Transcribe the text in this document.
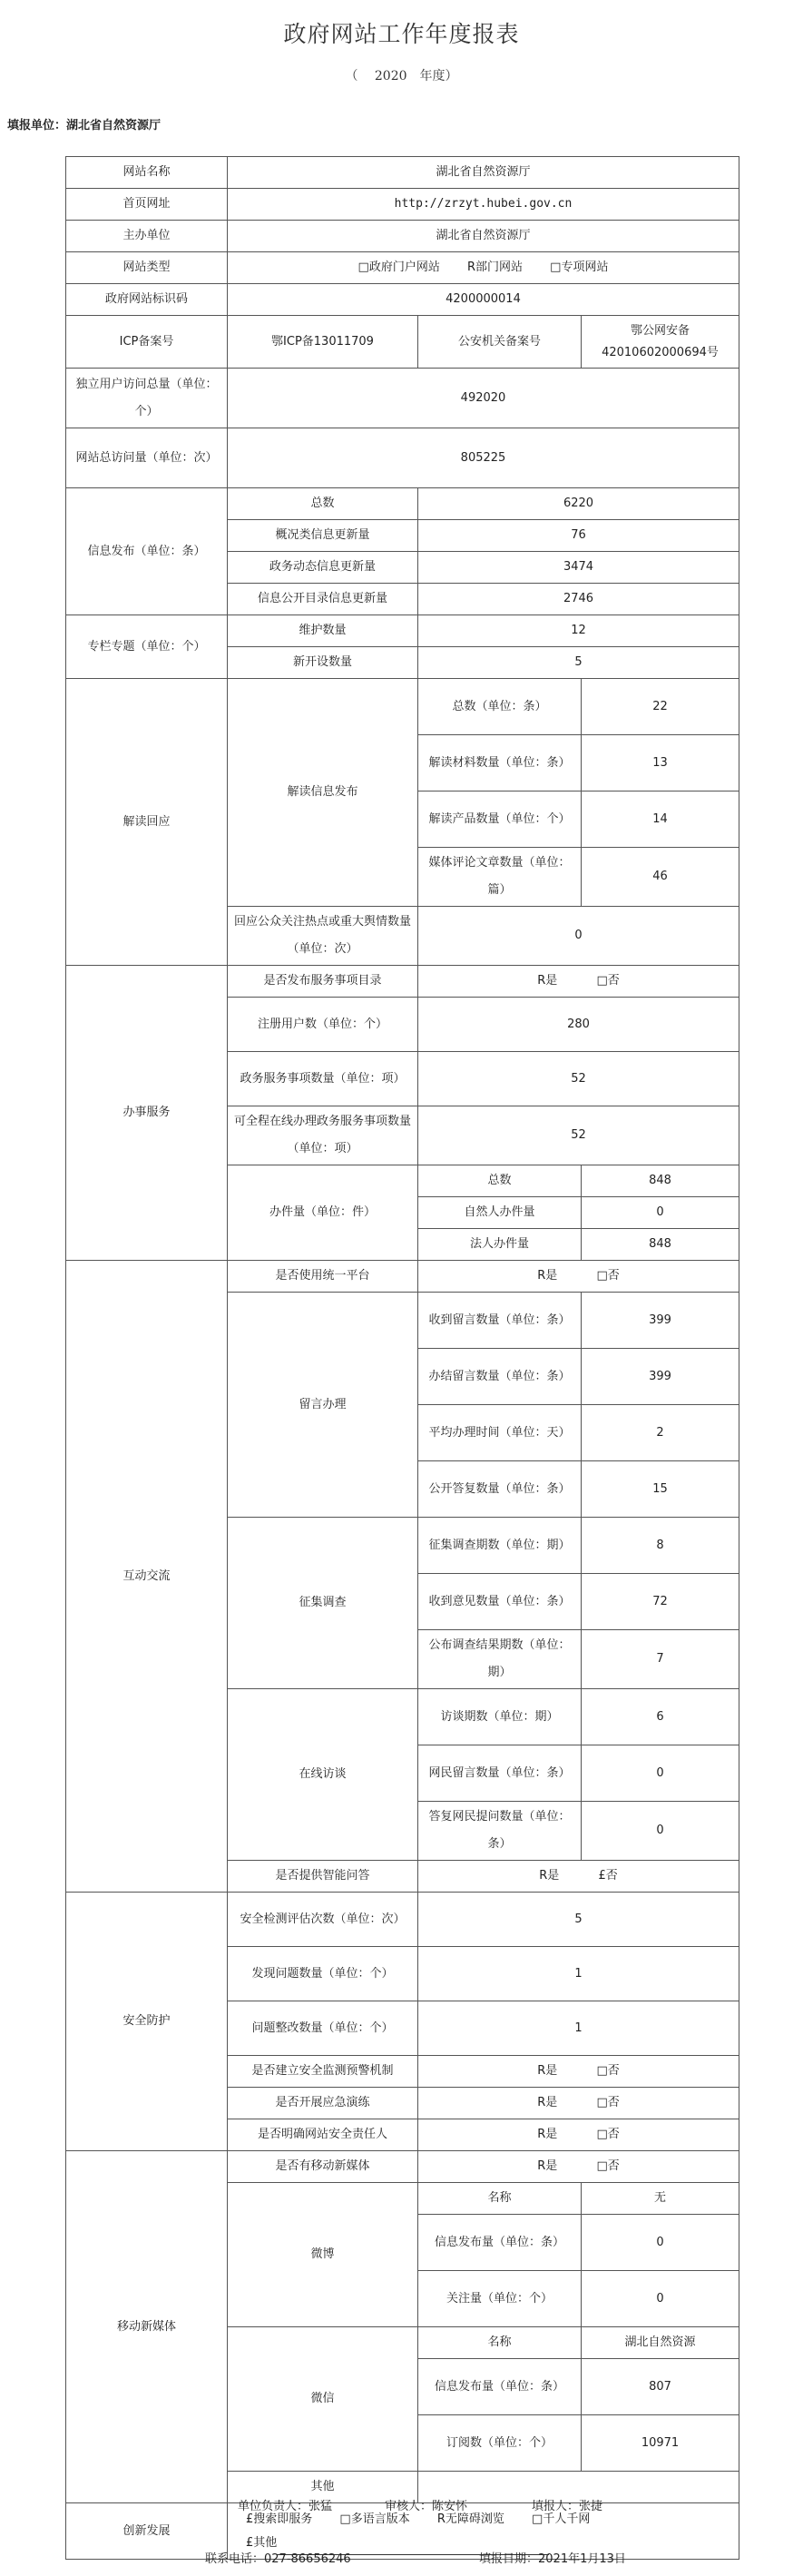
政府网站工作年度报表
（　 2020　年度）
填报单位：湖北省自然资源厅
网站名称	湖北省自然资源厅		
首页网址	http://zrzyt.hubei.gov.cn		
主办单位	湖北省自然资源厅		
网站类型	□政府门户网站   R部门网站   □专项网站		
政府网站标识码	4200000014		
ICP备案号	鄂ICP备13011709	公安机关备案号	鄂公网安备 42010602000694号
独立用户访问总量（单位：个）	492020		
网站总访问量（单位：次）	805225		
信息发布（单位：条）	总数	6220	
	概况类信息更新量	76	
	政务动态信息更新量	3474	
	信息公开目录信息更新量	2746	
专栏专题（单位：个）	维护数量	12	
	新开设数量	5	
解读回应	解读信息发布	总数（单位：条）	22
		解读材料数量（单位：条）	13
		解读产品数量（单位：个）	14
		媒体评论文章数量（单位：篇）	46
	回应公众关注热点或重大舆情数量（单位：次）	0	
办事服务	是否发布服务事项目录	R是    □否	
	注册用户数（单位：个）	280	
	政务服务事项数量（单位：项）	52	
	可全程在线办理政务服务事项数量（单位：项）	52	
	办件量（单位：件）	总数	848
		自然人办件量	0
		法人办件量	848
互动交流	是否使用统一平台	R是    □否	
	留言办理	收到留言数量（单位：条）	399
		办结留言数量（单位：条）	399
		平均办理时间（单位：天）	2
		公开答复数量（单位：条）	15
	征集调查	征集调查期数（单位：期）	8
		收到意见数量（单位：条）	72
		公布调查结果期数（单位：期）	7
	在线访谈	访谈期数（单位：期）	6
		网民留言数量（单位：条）	0
		答复网民提问数量（单位：条）	0
	是否提供智能问答	R是    £否	
安全防护	安全检测评估次数（单位：次）	5	
	发现问题数量（单位：个）	1	
	问题整改数量（单位：个）	1	
	是否建立安全监测预警机制	R是    □否	
	是否开展应急演练	R是    □否	
	是否明确网站安全责任人	R是    □否	
移动新媒体	是否有移动新媒体	R是    □否	
	微博	名称	无
		信息发布量（单位：条）	0
		关注量（单位：个）	0
	微信	名称	湖北自然资源
		信息发布量（单位：条）	807
		订阅数（单位：个）	10971
	其他		
创新发展	£搜索即服务   □多语言版本   R无障碍浏览   □千人千网
£其他		
单位负责人：张猛	审核人：陈安怀	填报人：张捷
联系电话：027-86656246	填报日期：2021年1月13日
